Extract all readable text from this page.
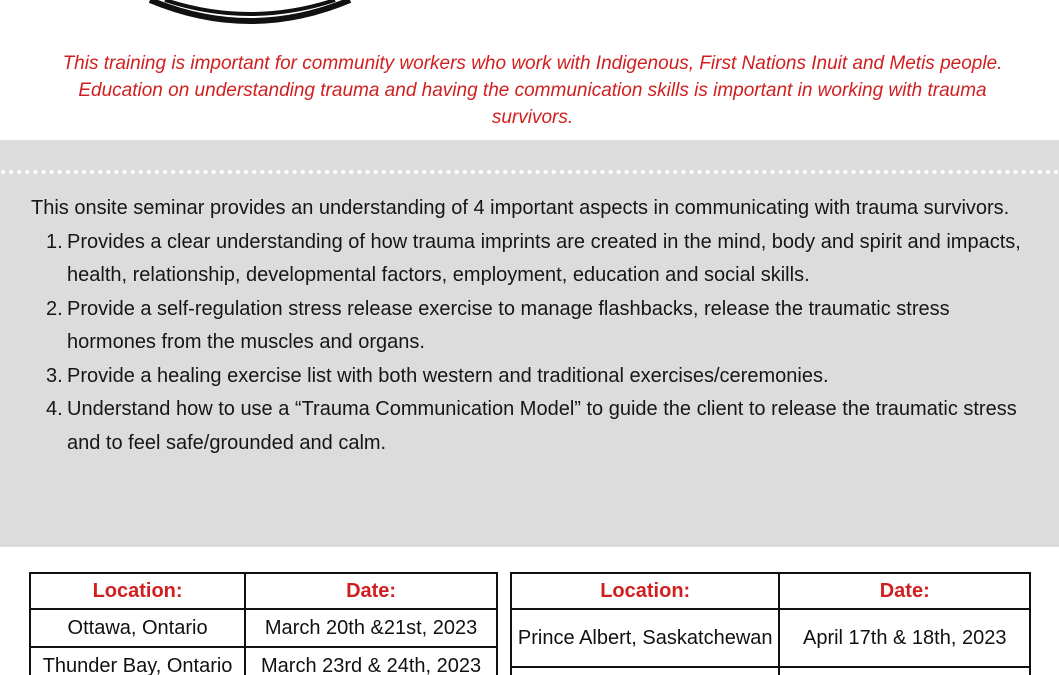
This training is important for community workers who work with Indigenous, First Nations Inuit and Metis people. Education on understanding trauma and having the communication skills is important in working with trauma survivors.

This onsite seminar provides an understanding of 4 important aspects in communicating with trauma survivors.

1. Provides a clear understanding of how trauma imprints are created in the mind, body and spirit and impacts, health, relationship, developmental factors, employment, education and social skills.
2. Provide a self-regulation stress release exercise to manage flashbacks, release the traumatic stress hormones from the muscles and organs.
3. Provide a healing exercise list with both western and traditional exercises/ceremonies.
4. Understand how to use a “Trauma Communication Model” to guide the client to release the traumatic stress and to feel safe/grounded and calm.
Location:	Date:
Ottawa, Ontario	March 20th &21st, 2023
Thunder Bay, Ontario	March 23rd & 24th, 2023
Location:	Date:
Prince Albert, Saskatchewan	April 17th & 18th, 2023
